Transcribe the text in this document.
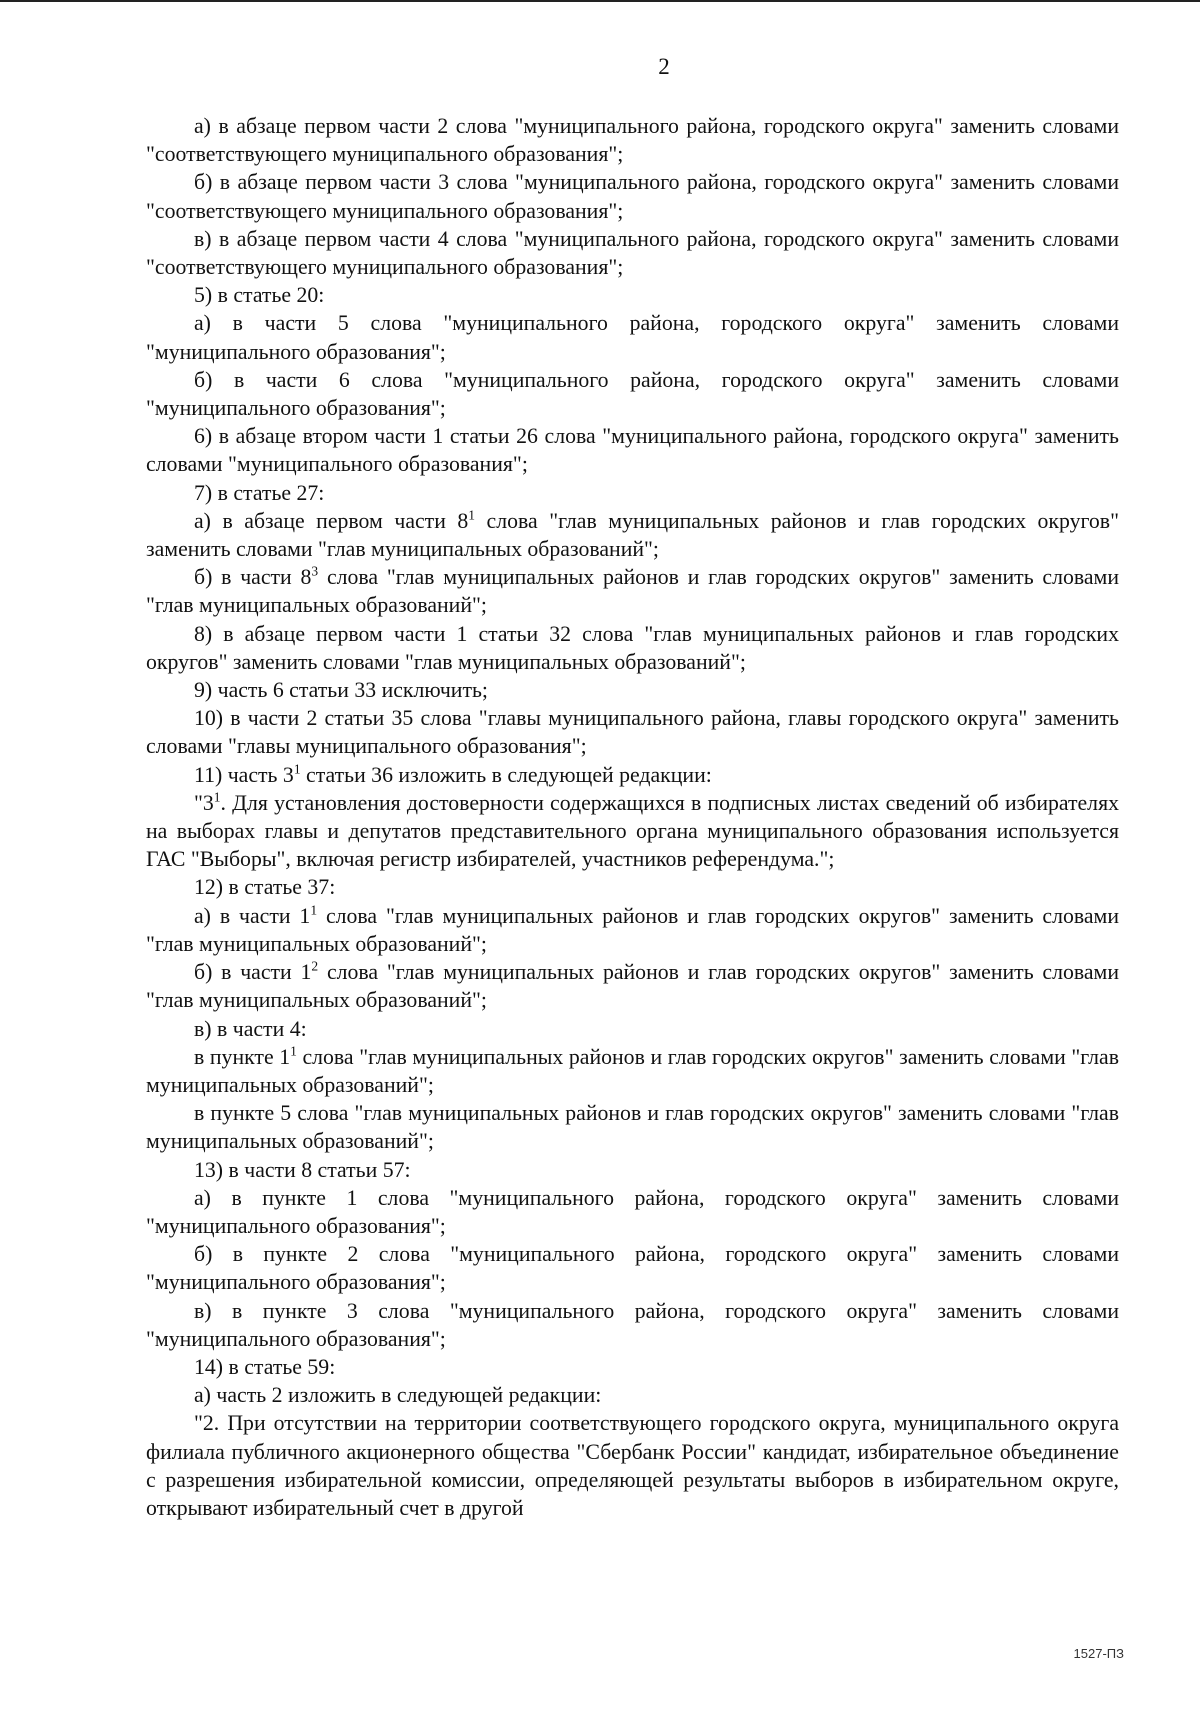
2

а) в абзаце первом части 2 слова "муниципального района, городского округа" заменить словами "соответствующего муниципального образования";

б) в абзаце первом части 3 слова "муниципального района, городского округа" заменить словами "соответствующего муниципального образования";

в) в абзаце первом части 4 слова "муниципального района, городского округа" заменить словами "соответствующего муниципального образования";

5) в статье 20:

а) в части 5 слова "муниципального района, городского округа" заменить словами "муниципального образования";

б) в части 6 слова "муниципального района, городского округа" заменить словами "муниципального образования";

6) в абзаце втором части 1 статьи 26 слова "муниципального района, городского округа" заменить словами "муниципального образования";

7) в статье 27:

а) в абзаце первом части $8^1$ слова "глав муниципальных районов и глав городских округов" заменить словами "глав муниципальных образований";

б) в части $8^3$ слова "глав муниципальных районов и глав городских округов" заменить словами "глав муниципальных образований";

8) в абзаце первом части 1 статьи 32 слова "глав муниципальных районов и глав городских округов" заменить словами "глав муниципальных образований";

9) часть 6 статьи 33 исключить;

10) в части 2 статьи 35 слова "главы муниципального района, главы городского округа" заменить словами "главы муниципального образования";

11) часть $3^1$ статьи 36 изложить в следующей редакции:

"$3^1$. Для установления достоверности содержащихся в подписных листах сведений об избирателях на выборах главы и депутатов представительного органа муниципального образования используется ГАС "Выборы", включая регистр избирателей, участников референдума.";

12) в статье 37:

а) в части $1^1$ слова "глав муниципальных районов и глав городских округов" заменить словами "глав муниципальных образований";

б) в части $1^2$ слова "глав муниципальных районов и глав городских округов" заменить словами "глав муниципальных образований";

в) в части 4:

в пункте $1^1$ слова "глав муниципальных районов и глав городских округов" заменить словами "глав муниципальных образований";

в пункте 5 слова "глав муниципальных районов и глав городских округов" заменить словами "глав муниципальных образований";

13) в части 8 статьи 57:

а) в пункте 1 слова "муниципального района, городского округа" заменить словами "муниципального образования";

б) в пункте 2 слова "муниципального района, городского округа" заменить словами "муниципального образования";

в) в пункте 3 слова "муниципального района, городского округа" заменить словами "муниципального образования";

14) в статье 59:

а) часть 2 изложить в следующей редакции:

"2. При отсутствии на территории соответствующего городского округа, муниципального округа филиала публичного акционерного общества "Сбербанк России" кандидат, избирательное объединение с разрешения избирательной комиссии, определяющей результаты выборов в избирательном округе, открывают избирательный счет в другой

1527-ПЗ
